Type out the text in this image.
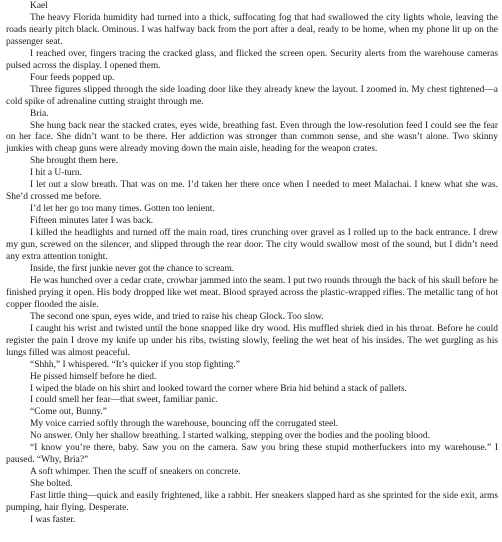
Kael

The heavy Florida humidity had turned into a thick, suffocating fog that had swallowed the city lights whole, leaving the roads nearly pitch black. Ominous. I was halfway back from the port after a deal, ready to be home, when my phone lit up on the passenger seat.

I reached over, fingers tracing the cracked glass, and flicked the screen open. Security alerts from the warehouse cameras pulsed across the display. I opened them.

Four feeds popped up.

Three figures slipped through the side loading door like they already knew the layout. I zoomed in. My chest tightened—a cold spike of adrenaline cutting straight through me.

Bria.

She hung back near the stacked crates, eyes wide, breathing fast. Even through the low-resolution feed I could see the fear on her face. She didn’t want to be there. Her addiction was stronger than common sense, and she wasn’t alone. Two skinny junkies with cheap guns were already moving down the main aisle, heading for the weapon crates.

She brought them here.

I hit a U-turn.

I let out a slow breath. That was on me. I’d taken her there once when I needed to meet Malachai. I knew what she was. She’d crossed me before.

I’d let her go too many times. Gotten too lenient.

Fifteen minutes later I was back.

I killed the headlights and turned off the main road, tires crunching over gravel as I rolled up to the back entrance. I drew my gun, screwed on the silencer, and slipped through the rear door. The city would swallow most of the sound, but I didn’t need any extra attention tonight.

Inside, the first junkie never got the chance to scream.

He was hunched over a cedar crate, crowbar jammed into the seam. I put two rounds through the back of his skull before he finished prying it open. His body dropped like wet meat. Blood sprayed across the plastic-wrapped rifles. The metallic tang of hot copper flooded the aisle.

The second one spun, eyes wide, and tried to raise his cheap Glock. Too slow.

I caught his wrist and twisted until the bone snapped like dry wood. His muffled shriek died in his throat. Before he could register the pain I drove my knife up under his ribs, twisting slowly, feeling the wet heat of his insides. The wet gurgling as his lungs filled was almost peaceful.

“Shhh,” I whispered. “It’s quicker if you stop fighting.”

He pissed himself before he died.

I wiped the blade on his shirt and looked toward the corner where Bria hid behind a stack of pallets.

I could smell her fear—that sweet, familiar panic.

“Come out, Bunny.”

My voice carried softly through the warehouse, bouncing off the corrugated steel.

No answer. Only her shallow breathing. I started walking, stepping over the bodies and the pooling blood.

“I know you’re there, baby. Saw you on the camera. Saw you bring these stupid motherfuckers into my warehouse.” I paused. “Why, Bria?”

A soft whimper. Then the scuff of sneakers on concrete.

She bolted.

Fast little thing—quick and easily frightened, like a rabbit. Her sneakers slapped hard as she sprinted for the side exit, arms pumping, hair flying. Desperate.

I was faster.
